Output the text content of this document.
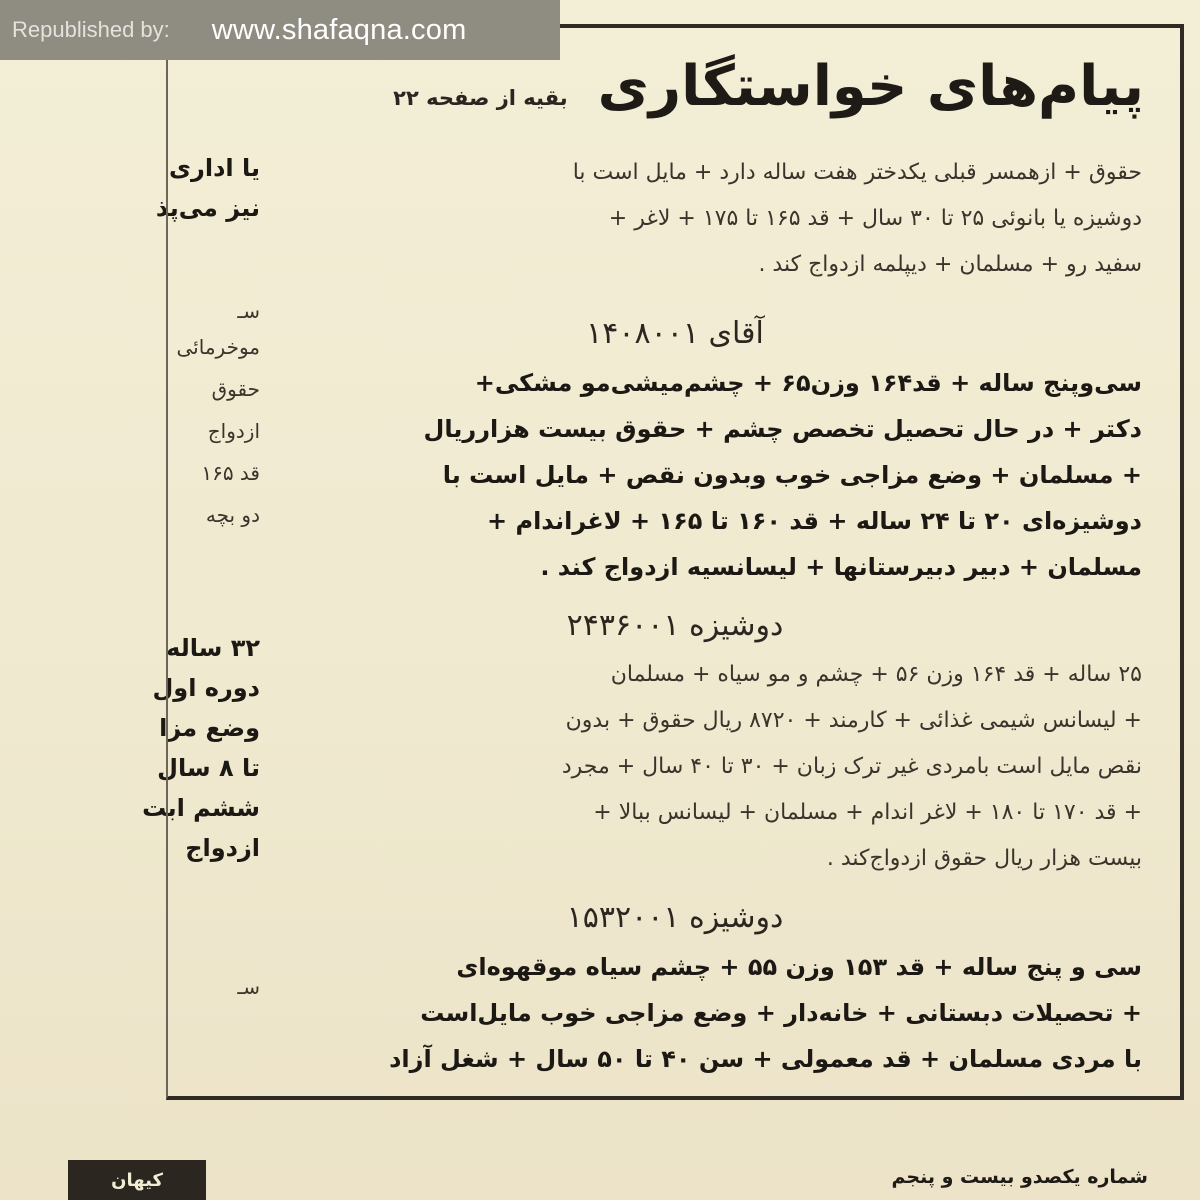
Republished by: www.shafaqna.com

یا اداری

نیز می‌پذ

سـ

موخرمائی

حقوق

ازدواج

قد ۱۶۵

دو بچه

۳۲ ساله

دوره اول

وضع مزا

تا ۸ سال

ششم ابت

ازدواج

سـ

پیام‌های خواستگاری
بقیه از صفحه ۲۲

حقوق + ازهمسر قبلی یکدختر هفت ساله دارد + مایل است با

دوشیزه یا بانوئی ۲۵ تا ۳۰ سال + قد ۱۶۵ تا ۱۷۵ + لاغر +

سفید رو + مسلمان + دیپلمه ازدواج کند .

آقای ۱۴۰۸۰۰۱

سی‌وپنج ساله + قد۱۶۴ وزن۶۵ + چشم‌میشی‌مو مشکی+

دکتر + در حال تحصیل تخصص چشم + حقوق بیست هزارریال

+ مسلمان + وضع مزاجی خوب وبدون نقص + مایل است با

دوشیزه‌ای ۲۰ تا ۲۴ ساله + قد ۱۶۰ تا ۱۶۵ + لاغراندام +

مسلمان + دبیر دبیرستانها + لیسانسیه ازدواج کند .

دوشیزه ۲۴۳۶۰۰۱

۲۵ ساله + قد ۱۶۴ وزن ۵۶ + چشم و مو سیاه + مسلمان

+ لیسانس شیمی غذائی + کارمند + ۸۷۲۰ ریال حقوق + بدون

نقص مایل است بامردی غیر ترک زبان + ۳۰ تا ۴۰ سال + مجرد

+ قد ۱۷۰ تا ۱۸۰ + لاغر اندام + مسلمان + لیسانس ببالا +

بیست هزار ریال حقوق ازدواج‌کند .

دوشیزه ۱۵۳۲۰۰۱

سی و پنج ساله + قد ۱۵۳ وزن ۵۵ + چشم سیاه موقهوه‌ای

+ تحصیلات دبستانی + خانه‌دار + وضع مزاجی خوب مایل‌است

با مردی مسلمان + قد معمولی + سن ۴۰ تا ۵۰ سال + شغل آزاد

کیهان	شماره‌ یکصدو بیست و پنجم
